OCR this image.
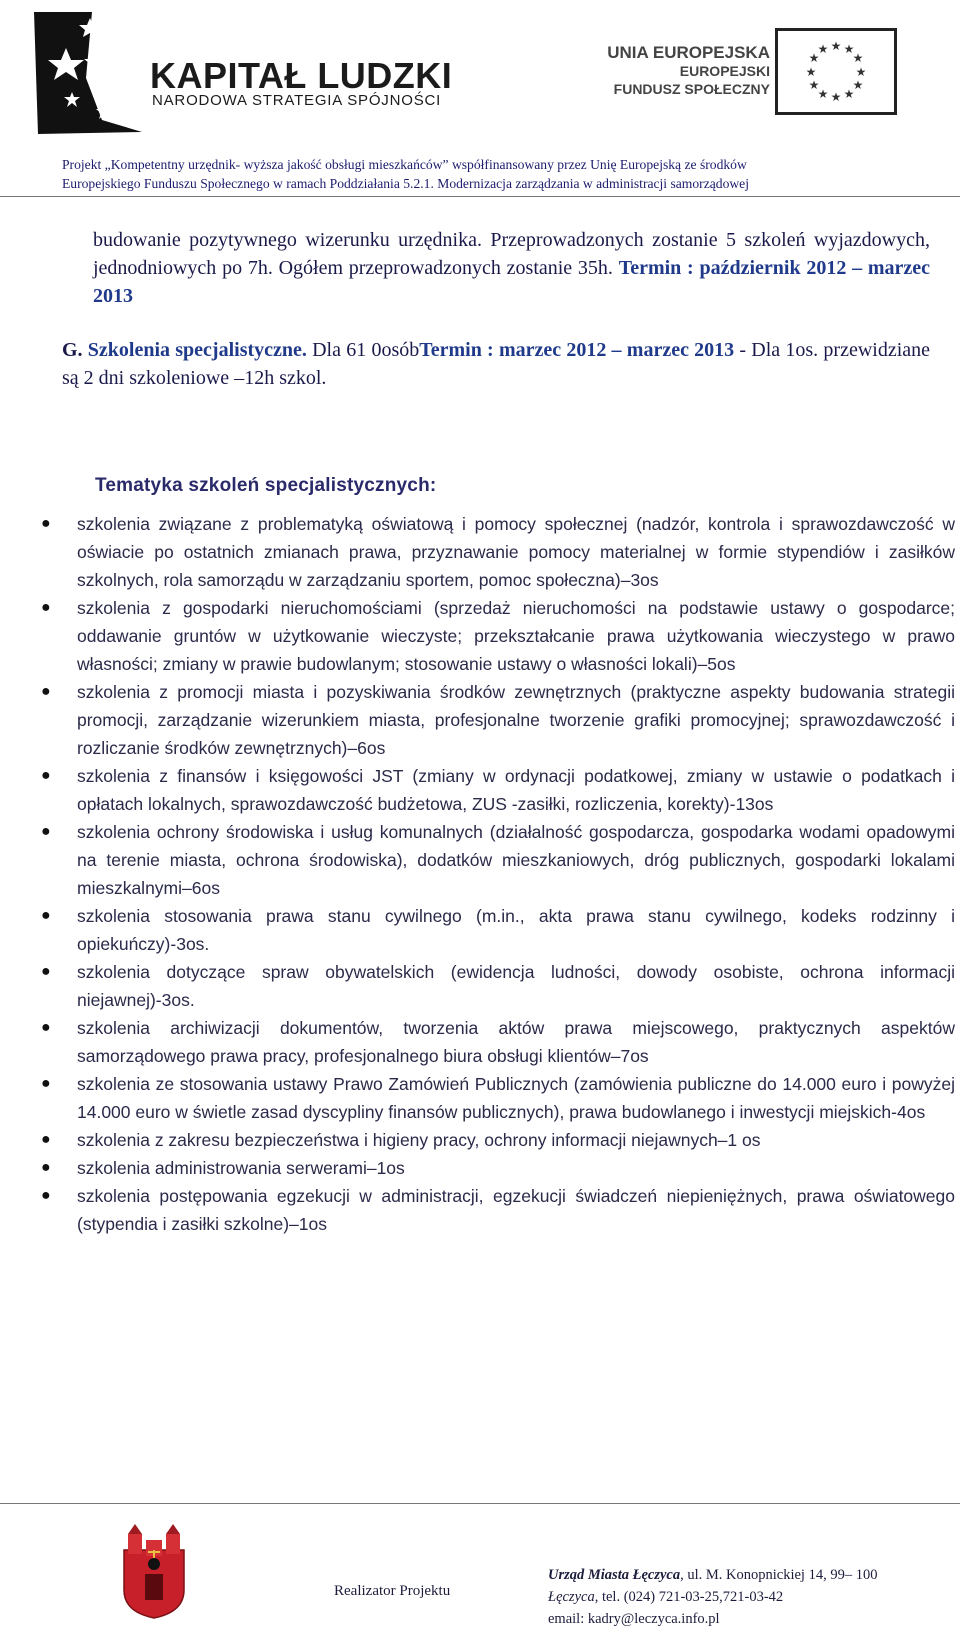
KAPITAŁ LUDZKI
NARODOWA STRATEGIA SPÓJNOŚCI
UNIA EUROPEJSKA
EUROPEJSKI
FUNDUSZ SPOŁECZNY
★ ★
★
★
★
★
★
★
★
★
★
★
Projekt „Kompetentny urzędnik- wyższa jakość obsługi mieszkańców” współfinansowany przez Unię Europejską ze środków
Europejskiego Funduszu Społecznego w ramach Poddziałania 5.2.1. Modernizacja zarządzania w administracji samorządowej
budowanie pozytywnego wizerunku urzędnika. Przeprowadzonych zostanie 5 szkoleń wyjazdowych, jednodniowych po 7h. Ogółem przeprowadzonych zostanie 35h. Termin : październik 2012 – marzec 2013
G. Szkolenia specjalistyczne. Dla 61 0osóbTermin : marzec 2012 – marzec 2013 - Dla 1os. przewidziane są 2 dni szkoleniowe –12h szkol.
Tematyka szkoleń specjalistycznych:
● szkolenia związane z problematyką oświatową i pomocy społecznej (nadzór, kontrola i sprawozdawczość w oświacie po ostatnich zmianach prawa, przyznawanie pomocy materialnej w formie stypendiów i zasiłków szkolnych, rola samorządu w zarządzaniu sportem, pomoc społeczna)–3os
● szkolenia z gospodarki nieruchomościami (sprzedaż nieruchomości na podstawie ustawy o gospodarce; oddawanie gruntów w użytkowanie wieczyste; przekształcanie prawa użytkowania wieczystego w prawo własności; zmiany w prawie budowlanym; stosowanie ustawy o własności lokali)–5os
● szkolenia z promocji miasta i pozyskiwania środków zewnętrznych (praktyczne aspekty budowania strategii promocji, zarządzanie wizerunkiem miasta, profesjonalne tworzenie grafiki promocyjnej; sprawozdawczość i rozliczanie środków zewnętrznych)–6os
● szkolenia z finansów i księgowości JST (zmiany w ordynacji podatkowej, zmiany w ustawie o podatkach i opłatach lokalnych, sprawozdawczość budżetowa, ZUS -zasiłki, rozliczenia, korekty)-13os
● szkolenia ochrony środowiska i usług komunalnych (działalność gospodarcza, gospodarka wodami opadowymi na terenie miasta, ochrona środowiska), dodatków mieszkaniowych, dróg publicznych, gospodarki lokalami mieszkalnymi–6os
● szkolenia stosowania prawa stanu cywilnego (m.in., akta prawa stanu cywilnego, kodeks rodzinny i opiekuńczy)-3os.
● szkolenia dotyczące spraw obywatelskich (ewidencja ludności, dowody osobiste, ochrona informacji niejawnej)-3os.
● szkolenia archiwizacji dokumentów, tworzenia aktów prawa miejscowego, praktycznych aspektów samorządowego prawa pracy, profesjonalnego biura obsługi klientów–7os
● szkolenia ze stosowania ustawy Prawo Zamówień Publicznych (zamówienia publiczne do 14.000 euro i powyżej 14.000 euro w świetle zasad dyscypliny finansów publicznych), prawa budowlanego i inwestycji miejskich-4os
● szkolenia z zakresu bezpieczeństwa i higieny pracy, ochrony informacji niejawnych–1 os
● szkolenia administrowania serwerami–1os
● szkolenia postępowania egzekucji w administracji, egzekucji świadczeń niepieniężnych, prawa oświatowego (stypendia i zasiłki szkolne)–1os
Realizator Projektu
Urząd Miasta Łęczyca, ul. M. Konopnickiej 14, 99– 100
Łęczyca, tel. (024) 721-03-25,721-03-42
email: kadry@leczyca.info.pl
